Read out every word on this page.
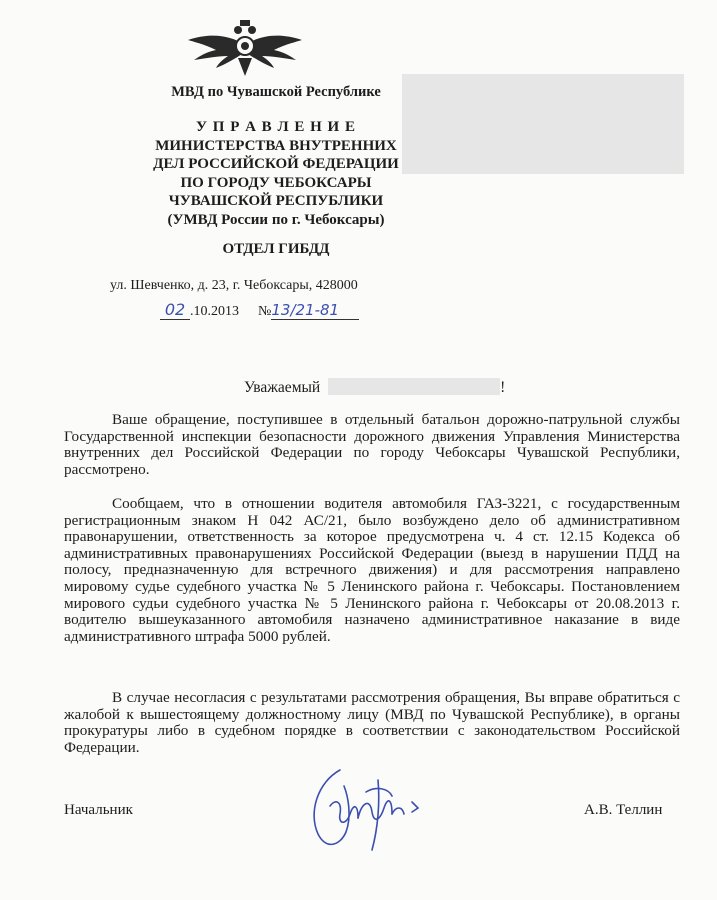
МВД по Чувашской Республике
У П Р А В Л Е Н И Е
МИНИСТЕРСТВА ВНУТРЕННИХ
ДЕЛ РОССИЙСКОЙ ФЕДЕРАЦИИ
ПО ГОРОДУ ЧЕБОКСАРЫ
ЧУВАШСКОЙ РЕСПУБЛИКИ
(УМВД России по г. Чебоксары)
ОТДЕЛ ГИБДД
ул. Шевченко, д. 23, г. Чебоксары, 428000
02 .10.2013 №13/21-81
Уважаемый	!

Ваше обращение, поступившее в отдельный батальон дорожно-патрульной службы Государственной инспекции безопасности дорожного движения Управления Министерства внутренних дел Российской Федерации по городу Чебоксары Чувашской Республики, рассмотрено.

Сообщаем, что в отношении водителя автомобиля ГАЗ-3221, с государственным регистрационным знаком Н 042 АС/21, было возбуждено дело об административном правонарушении, ответственность за которое предусмотрена ч. 4 ст. 12.15 Кодекса об административных правонарушениях Российской Федерации (выезд в нарушении ПДД на полосу, предназначенную для встречного движения) и для рассмотрения направлено мировому судье судебного участка № 5 Ленинского района г. Чебоксары. Постановлением мирового судьи судебного участка № 5 Ленинского района г. Чебоксары от 20.08.2013 г. водителю вышеуказанного автомобиля назначено административное наказание в виде административного штрафа 5000 рублей.

В случае несогласия с результатами рассмотрения обращения, Вы вправе обратиться с жалобой к вышестоящему должностному лицу (МВД по Чувашской Республике), в органы прокуратуры либо в судебном порядке в соответствии с законодательством Российской Федерации.

Начальник	А.В. Теллин
